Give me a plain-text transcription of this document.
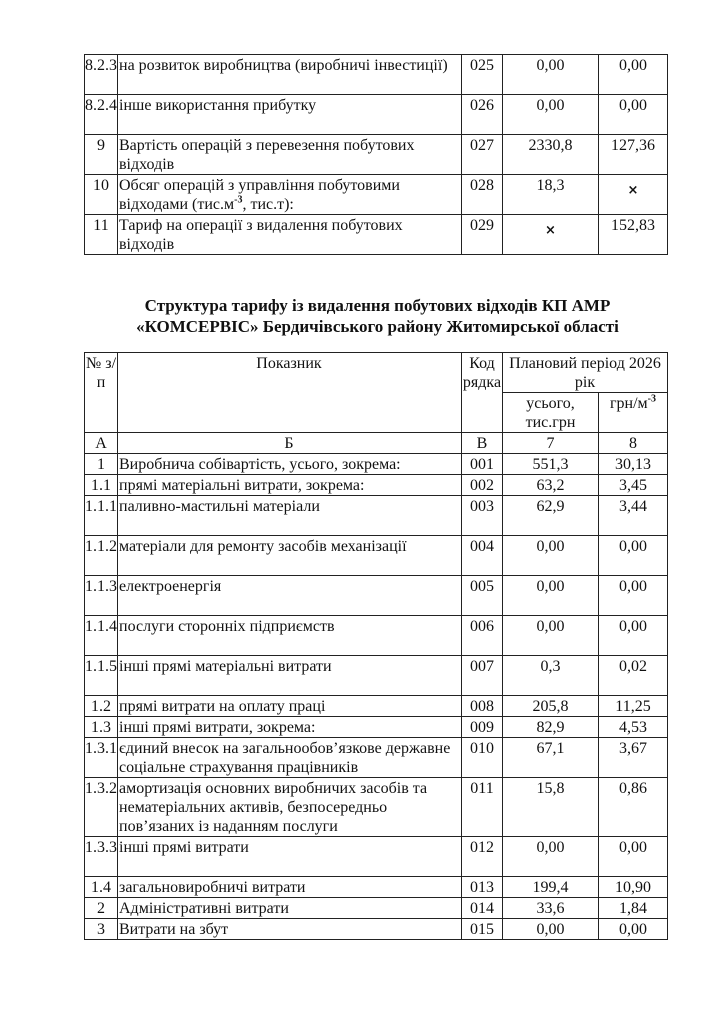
8.2.3	на розвиток виробництва (виробничі інвестиції)	025	0,00	0,00
8.2.4	інше використання прибутку	026	0,00	0,00
9	Вартість операцій з перевезення побутових відходів	027	2330,8	127,36
10	Обсяг операцій з управління побутовими відходами ($тис.м^{-3}$, тис.т):	028	18,3	×
11	Тариф на операції з видалення побутових відходів	029	×	152,83
Структура тарифу із видалення побутових відходів КП АМР
«КОМСЕРВІС» Бердичівського району Житомирської області
№ з/п	Показник	Код рядка	Плановий період 2026 рік	
			усього, тис.грн	грн/$м^{-3}$
А	Б	В	7	8
1	Виробнича собівартість, усього, зокрема:	001	551,3	30,13
1.1	прямі матеріальні витрати, зокрема:	002	63,2	3,45
1.1.1	паливно-мастильні матеріали	003	62,9	3,44
1.1.2	матеріали для ремонту засобів механізації	004	0,00	0,00
1.1.3	електроенергія	005	0,00	0,00
1.1.4	послуги сторонніх підприємств	006	0,00	0,00
1.1.5	інші прямі матеріальні витрати	007	0,3	0,02
1.2	прямі витрати на оплату праці	008	205,8	11,25
1.3	інші прямі витрати, зокрема:	009	82,9	4,53
1.3.1	єдиний внесок на загальнообов’язкове державне соціальне страхування працівників	010	67,1	3,67
1.3.2	амортизація основних виробничих засобів та нематеріальних активів, безпосередньо пов’язаних із наданням послуги	011	15,8	0,86
1.3.3	інші прямі витрати	012	0,00	0,00
1.4	загальновиробничі витрати	013	199,4	10,90
2	Адміністративні витрати	014	33,6	1,84
3	Витрати на збут	015	0,00	0,00
